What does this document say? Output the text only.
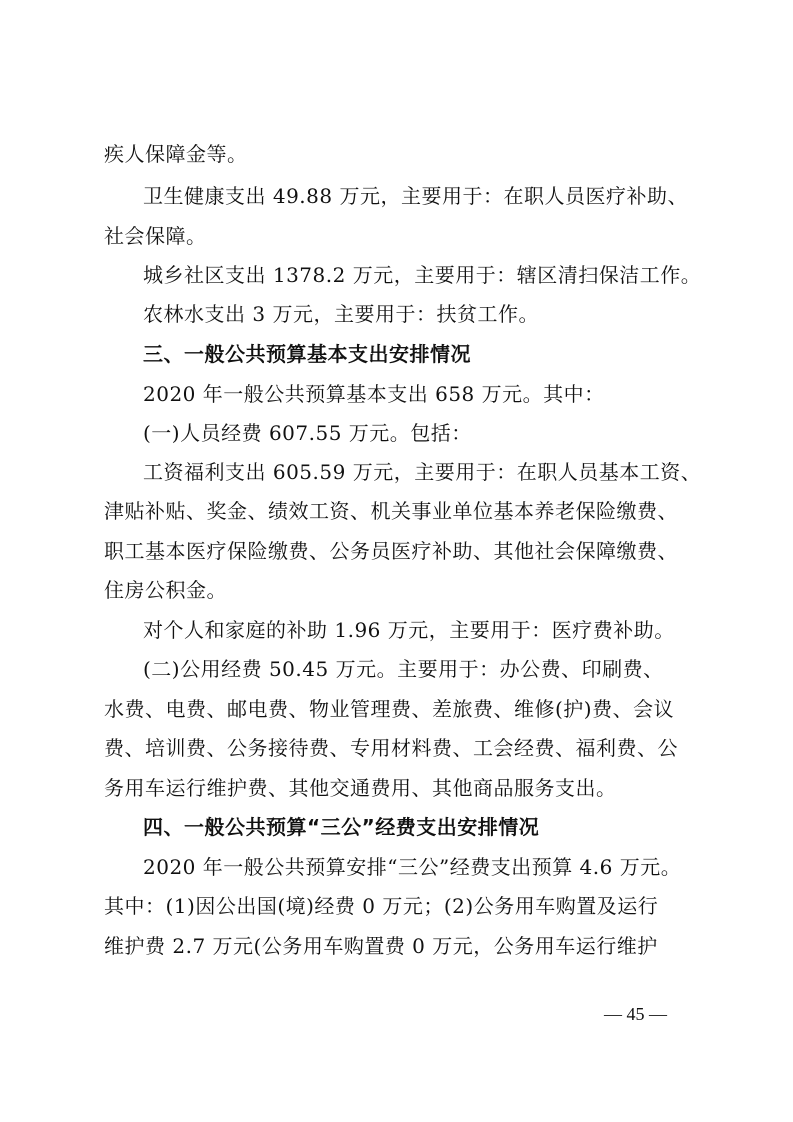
疾人保障金等。
卫生健康支出 49.88 万元，主要用于：在职人员医疗补助、
社会保障。
城乡社区支出 1378.2 万元，主要用于：辖区清扫保洁工作。
农林水支出 3 万元，主要用于：扶贫工作。
三、一般公共预算基本支出安排情况
2020 年一般公共预算基本支出 658 万元。其中：
(一)人员经费 607.55 万元。包括：
工资福利支出 605.59 万元，主要用于：在职人员基本工资、
津贴补贴、奖金、绩效工资、机关事业单位基本养老保险缴费、
职工基本医疗保险缴费、公务员医疗补助、其他社会保障缴费、
住房公积金。
对个人和家庭的补助 1.96 万元，主要用于：医疗费补助。
(二)公用经费 50.45 万元。主要用于：办公费、印刷费、
水费、电费、邮电费、物业管理费、差旅费、维修(护)费、会议
费、培训费、公务接待费、专用材料费、工会经费、福利费、公
务用车运行维护费、其他交通费用、其他商品服务支出。
四、一般公共预算“三公”经费支出安排情况
2020 年一般公共预算安排“三公”经费支出预算 4.6 万元。
其中：(1)因公出国(境)经费 0 万元；(2)公务用车购置及运行
维护费 2.7 万元(公务用车购置费 0 万元，公务用车运行维护
— 45 —
